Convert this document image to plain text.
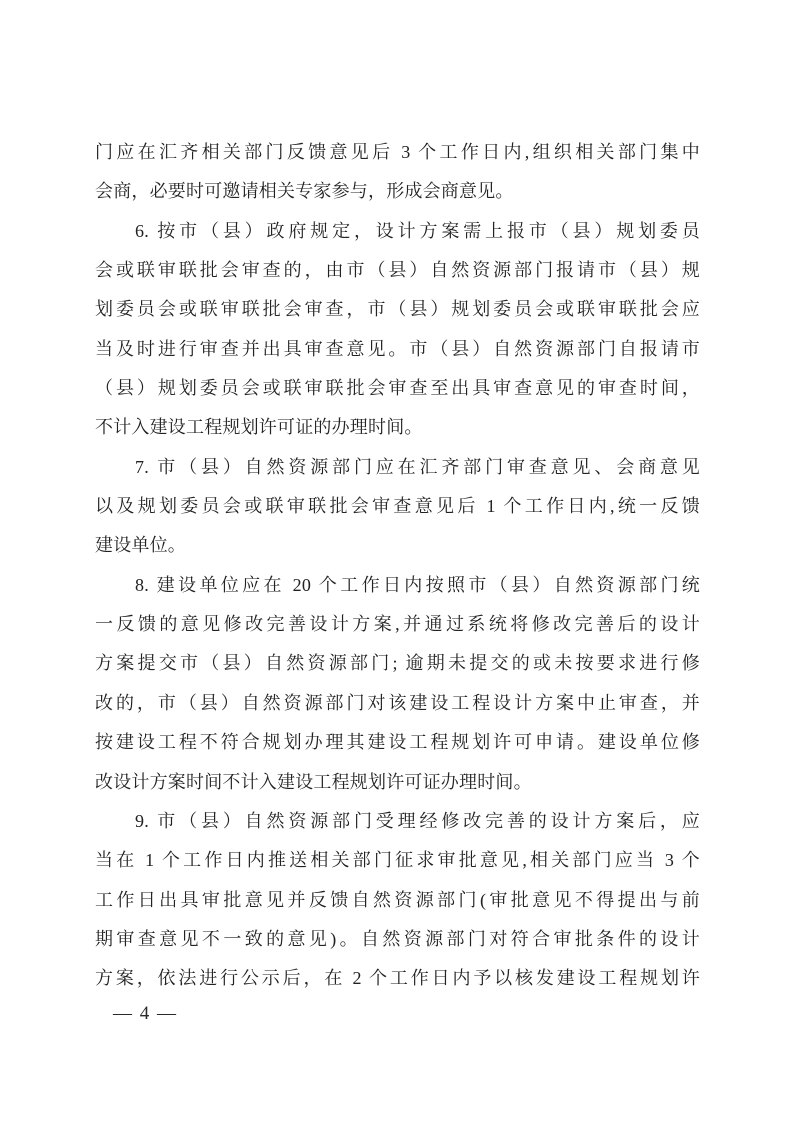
门应在汇齐相关部门反馈意见后 3 个工作日内,组织相关部门集中
会商，必要时可邀请相关专家参与，形成会商意见。
6. 按市（县）政府规定，设计方案需上报市（县）规划委员
会或联审联批会审查的，由市（县）自然资源部门报请市（县）规
划委员会或联审联批会审查，市（县）规划委员会或联审联批会应
当及时进行审查并出具审查意见。市（县）自然资源部门自报请市
（县）规划委员会或联审联批会审查至出具审查意见的审查时间，
不计入建设工程规划许可证的办理时间。
7. 市（县）自然资源部门应在汇齐部门审查意见、会商意见
以及规划委员会或联审联批会审查意见后 1 个工作日内,统一反馈
建设单位。
8. 建设单位应在 20 个工作日内按照市（县）自然资源部门统
一反馈的意见修改完善设计方案,并通过系统将修改完善后的设计
方案提交市（县）自然资源部门; 逾期未提交的或未按要求进行修
改的，市（县）自然资源部门对该建设工程设计方案中止审查，并
按建设工程不符合规划办理其建设工程规划许可申请。建设单位修
改设计方案时间不计入建设工程规划许可证办理时间。
9. 市（县）自然资源部门受理经修改完善的设计方案后，应
当在 1 个工作日内推送相关部门征求审批意见,相关部门应当 3 个
工作日出具审批意见并反馈自然资源部门(审批意见不得提出与前
期审查意见不一致的意见)。自然资源部门对符合审批条件的设计
方案，依法进行公示后，在 2 个工作日内予以核发建设工程规划许
— 4 —
